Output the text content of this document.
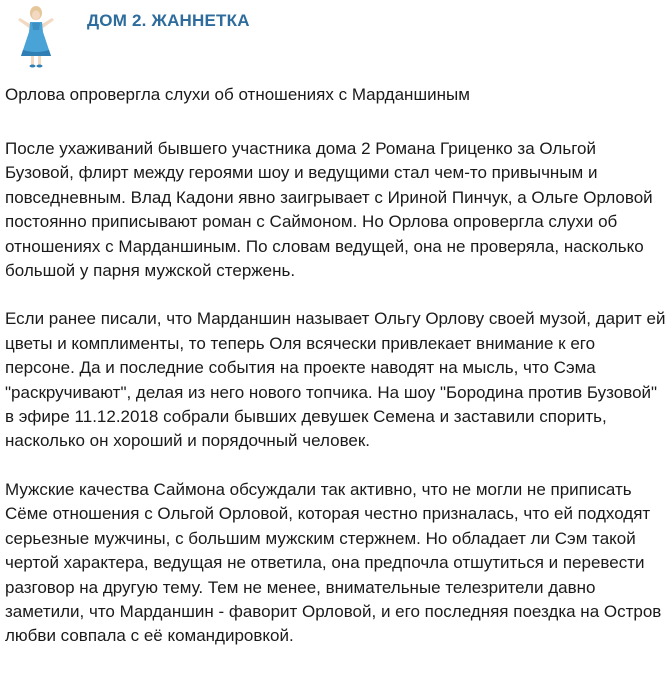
ДОМ 2. ЖАННЕТКА
Орлова опровергла слухи об отношениях с Марданшиным
После ухаживаний бывшего участника дома 2 Романа Гриценко за Ольгой
Бузовой, флирт между героями шоу и ведущими стал чем-то привычным и
повседневным. Влад Кадони явно заигрывает с Ириной Пинчук, а Ольге Орловой
постоянно приписывают роман с Саймоном. Но Орлова опровергла слухи об
отношениях с Марданшиным. По словам ведущей, она не проверяла, насколько
большой у парня мужской стержень.
Если ранее писали, что Марданшин называет Ольгу Орлову своей музой, дарит ей
цветы и комплименты, то теперь Оля всячески привлекает внимание к его
персоне. Да и последние события на проекте наводят на мысль, что Сэма
"раскручивают", делая из него нового топчика. На шоу "Бородина против Бузовой"
в эфире 11.12.2018 собрали бывших девушек Семена и заставили спорить,
насколько он хороший и порядочный человек.
Мужские качества Саймона обсуждали так активно, что не могли не приписать
Сёме отношения с Ольгой Орловой, которая честно призналась, что ей подходят
серьезные мужчины, с большим мужским стержнем. Но обладает ли Сэм такой
чертой характера, ведущая не ответила, она предпочла отшутиться и перевести
разговор на другую тему. Тем не менее, внимательные телезрители давно
заметили, что Марданшин - фаворит Орловой, и его последняя поездка на Остров
любви совпала с её командировкой.
